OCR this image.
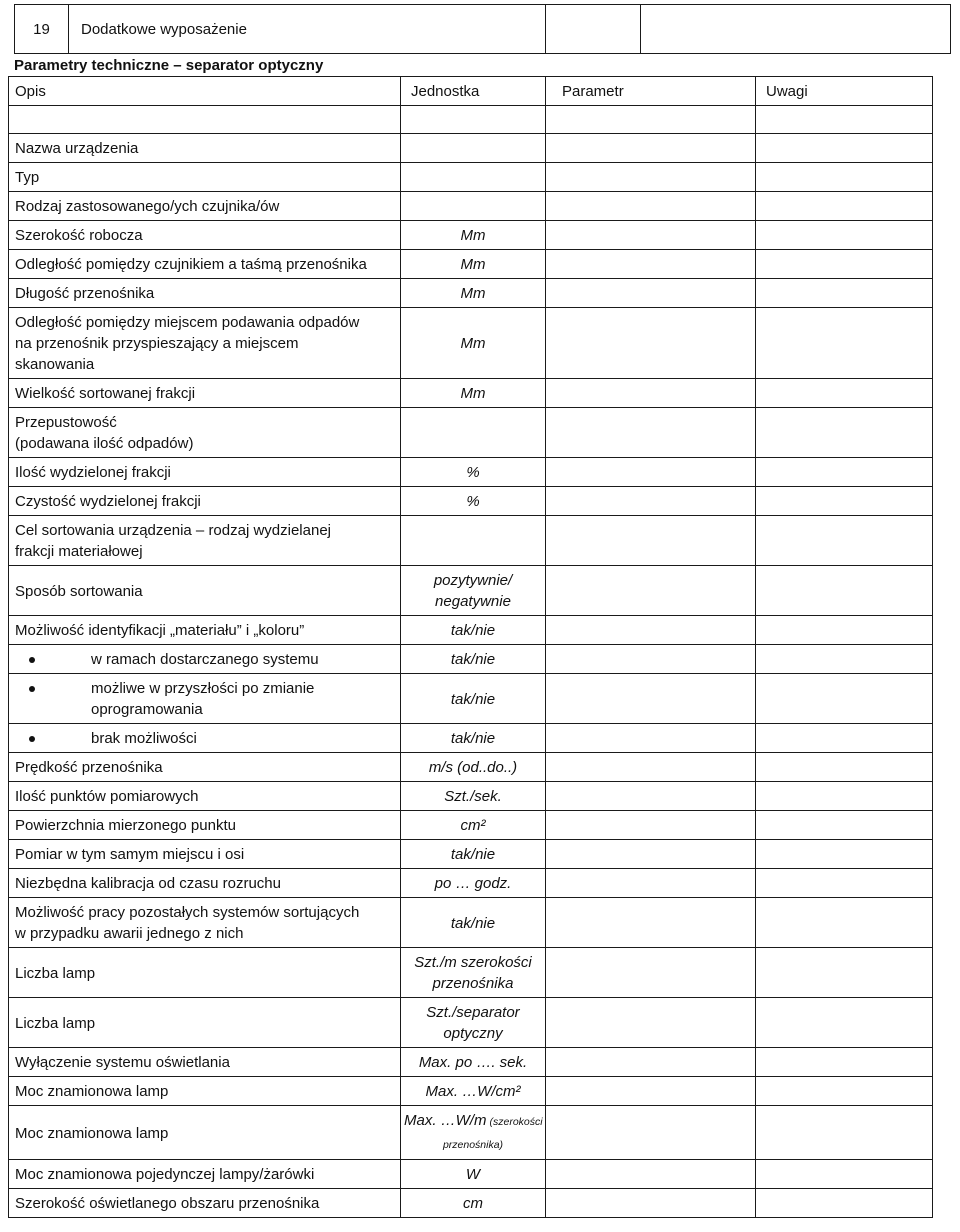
19	Dodatkowe wyposażenie		
Parametry techniczne – separator optyczny
Opis	Jednostka	Parametr	Uwagi

Nazwa urządzenia			

Typ			

Rodzaj zastosowanego/ych czujnika/ów			

Szerokość robocza	Mm		

Odległość pomiędzy czujnikiem a taśmą przenośnika	Mm		

Długość przenośnika	Mm		

Odległość pomiędzy miejscem podawania odpadów
na przenośnik przyspieszający a miejscem
skanowania	Mm		

Wielkość sortowanej frakcji	Mm		

Przepustowość
(podawana ilość odpadów)			

Ilość wydzielonej frakcji	%		

Czystość wydzielonej frakcji	%		

Cel sortowania urządzenia – rodzaj wydzielanej
frakcji materiałowej			

Sposób sortowania	pozytywnie/
negatywnie		

Możliwość identyfikacji „materiału” i „koloru”	tak/nie		

w ramach dostarczanego systemu	tak/nie		

możliwe w przyszłości po zmianie
oprogramowania	tak/nie		

brak możliwości	tak/nie		

Prędkość przenośnika	m/s (od..do..)		

Ilość punktów pomiarowych	Szt./sek.		

Powierzchnia mierzonego punktu	cm²		

Pomiar w tym samym miejscu i osi	tak/nie		

Niezbędna kalibracja od czasu rozruchu	po … godz.		

Możliwość pracy pozostałych systemów sortujących
w przypadku awarii jednego z nich	tak/nie		

Liczba lamp	Szt./m szerokości
przenośnika		

Liczba lamp	Szt./separator
optyczny		

Wyłączenie systemu oświetlania	Max. po …. sek.		

Moc znamionowa lamp	Max. …W/cm²		

Moc znamionowa lamp	Max. …W/m (szerokości
przenośnika)		

Moc znamionowa pojedynczej lampy/żarówki	W		

Szerokość oświetlanego obszaru przenośnika	cm		
